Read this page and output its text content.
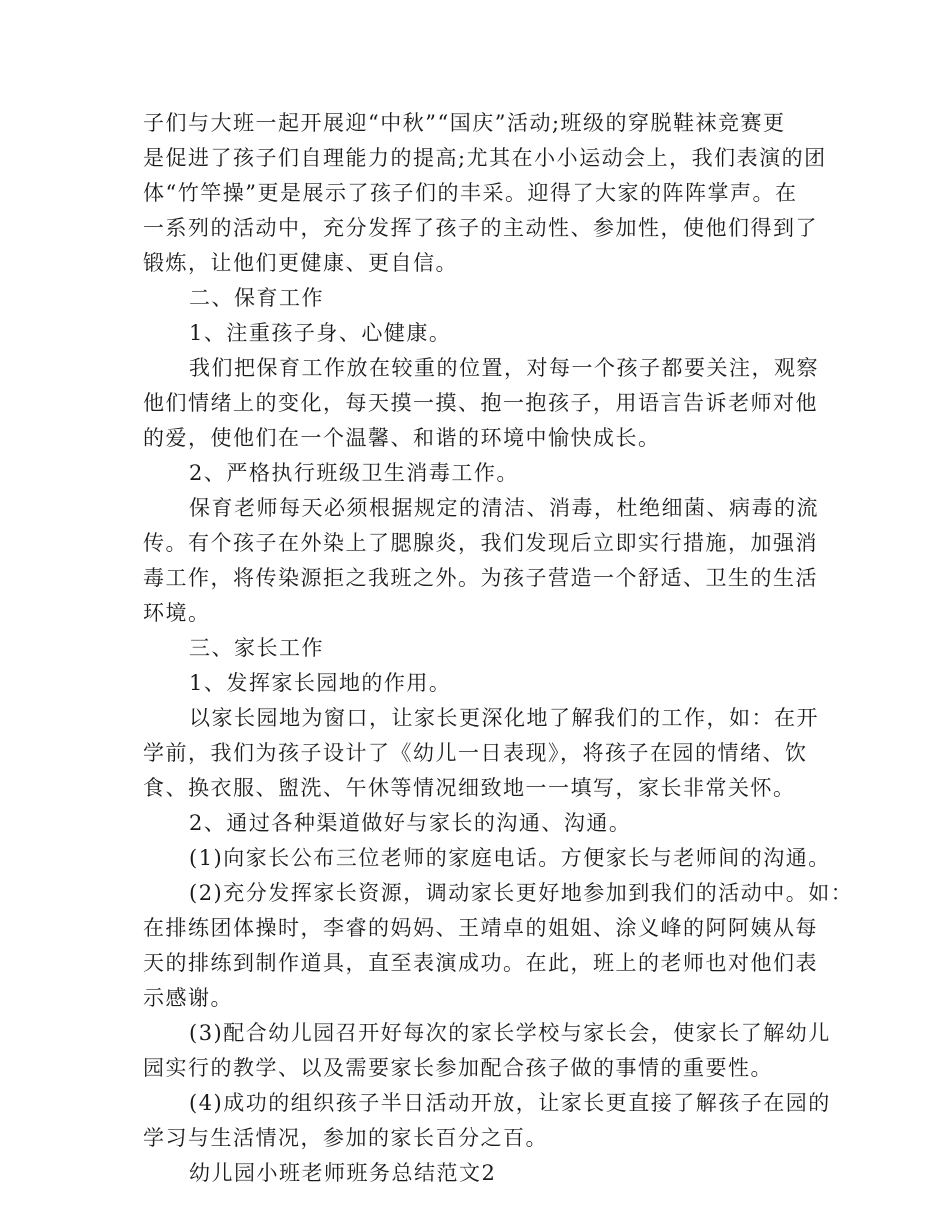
子们与大班一起开展迎“中秋”“国庆”活动;班级的穿脱鞋袜竞赛更
是促进了孩子们自理能力的提高;尤其在小小运动会上，我们表演的团
体“竹竿操”更是展示了孩子们的丰采。迎得了大家的阵阵掌声。在
一系列的活动中，充分发挥了孩子的主动性、参加性，使他们得到了
锻炼，让他们更健康、更自信。
二、保育工作
1、注重孩子身、心健康。
我们把保育工作放在较重的位置，对每一个孩子都要关注，观察
他们情绪上的变化，每天摸一摸、抱一抱孩子，用语言告诉老师对他
的爱，使他们在一个温馨、和谐的环境中愉快成长。
2、严格执行班级卫生消毒工作。
保育老师每天必须根据规定的清洁、消毒，杜绝细菌、病毒的流
传。有个孩子在外染上了腮腺炎，我们发现后立即实行措施，加强消
毒工作，将传染源拒之我班之外。为孩子营造一个舒适、卫生的生活
环境。
三、家长工作
1、发挥家长园地的作用。
以家长园地为窗口，让家长更深化地了解我们的工作，如：在开
学前，我们为孩子设计了《幼儿一日表现》，将孩子在园的情绪、饮
食、换衣服、盥洗、午休等情况细致地一一填写，家长非常关怀。
2、通过各种渠道做好与家长的沟通、沟通。
(1)向家长公布三位老师的家庭电话。方便家长与老师间的沟通。
(2)充分发挥家长资源，调动家长更好地参加到我们的活动中。如：
在排练团体操时，李睿的妈妈、王靖卓的姐姐、涂义峰的阿阿姨从每
天的排练到制作道具，直至表演成功。在此，班上的老师也对他们表
示感谢。
(3)配合幼儿园召开好每次的家长学校与家长会，使家长了解幼儿
园实行的教学、以及需要家长参加配合孩子做的事情的重要性。
(4)成功的组织孩子半日活动开放，让家长更直接了解孩子在园的
学习与生活情况，参加的家长百分之百。
幼儿园小班老师班务总结范文2
